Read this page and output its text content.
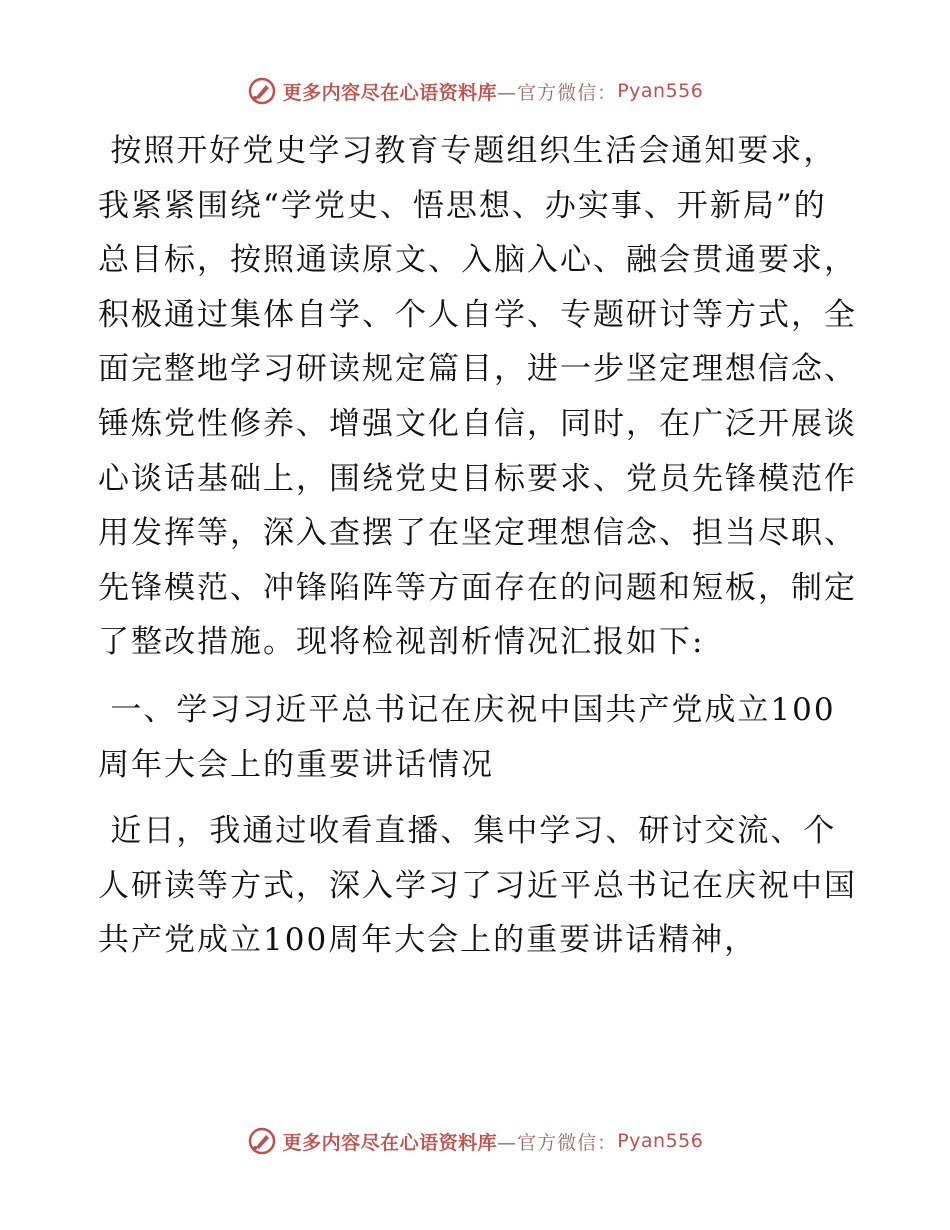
更多内容尽在心语资料库 —官方微信： Pyan556

按照开好党史学习教育专题组织生活会通知要求，我紧紧围绕“学党史、悟思想、办实事、开新局”的总目标，按照通读原文、入脑入心、融会贯通要求，积极通过集体自学、个人自学、专题研讨等方式，全面完整地学习研读规定篇目，进一步坚定理想信念、锤炼党性修养、增强文化自信，同时，在广泛开展谈心谈话基础上，围绕党史目标要求、党员先锋模范作用发挥等，深入查摆了在坚定理想信念、担当尽职、先锋模范、冲锋陷阵等方面存在的问题和短板，制定了整改措施。现将检视剖析情况汇报如下:

一、学习习近平总书记在庆祝中国共产党成立100周年大会上的重要讲话情况

近日，我通过收看直播、集中学习、研讨交流、个人研读等方式，深入学习了习近平总书记在庆祝中国共产党成立100周年大会上的重要讲话精神，

更多内容尽在心语资料库 —官方微信： Pyan556
